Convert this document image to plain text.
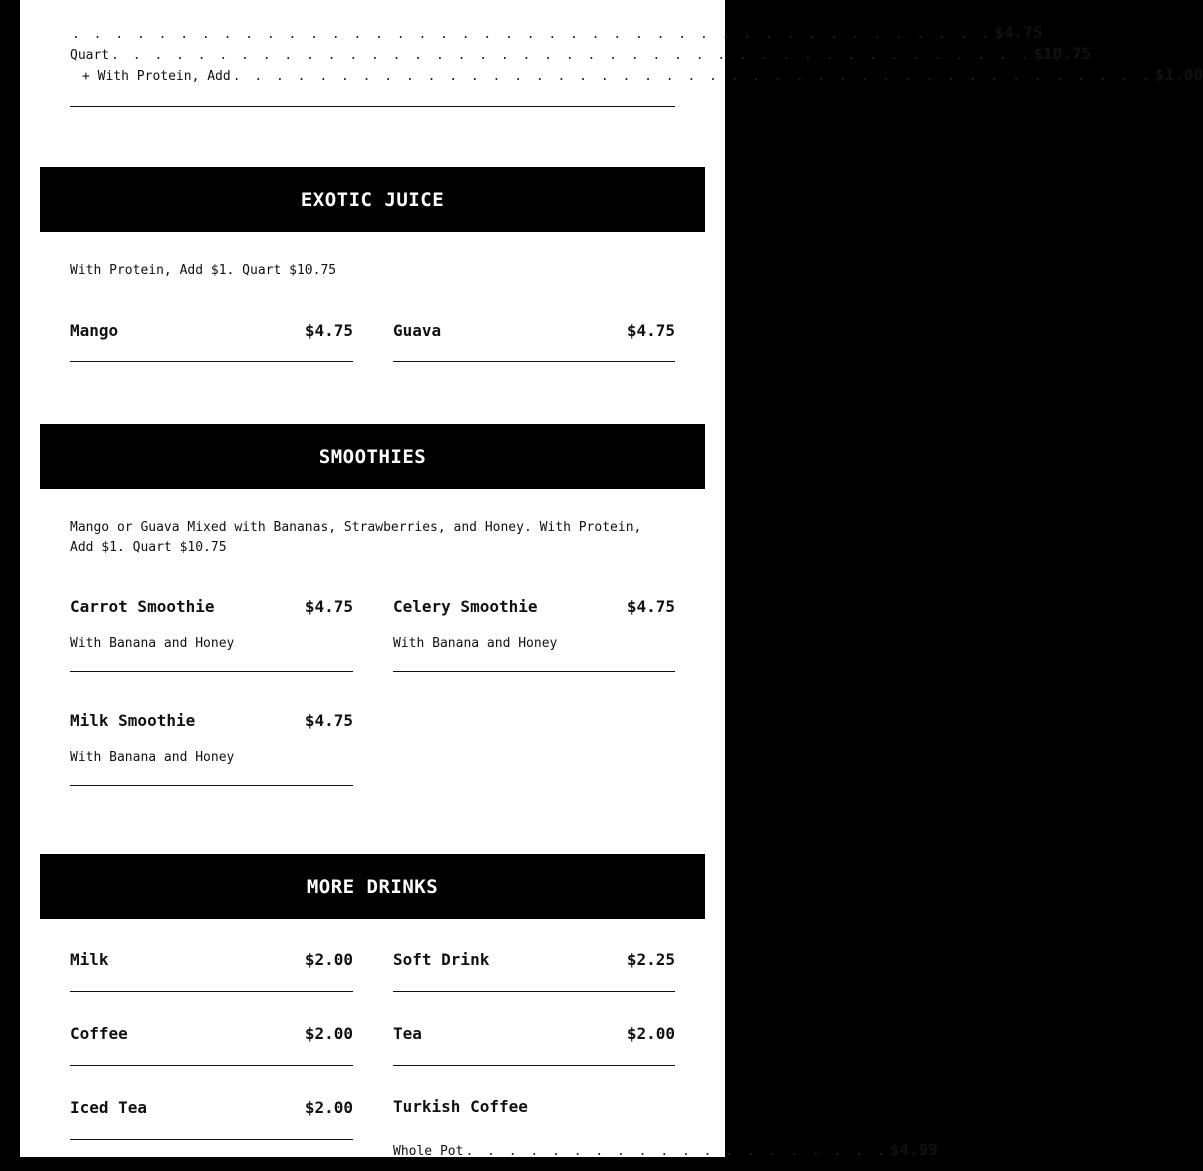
. . . . . . . . . . . . . . . . . . . . . . . . . . . . . . . . . . . . . . . . . . . $4.75
Quart . . . . . . . . . . . . . . . . . . . . . . . . . . . . . . . . . . . . . . . . . . . $10.75
+ With Protein, Add . . . . . . . . . . . . . . . . . . . . . . . . . . . . . . . . . . . . . . . . . . . $1.00
EXOTIC JUICE
With Protein, Add $1. Quart $10.75
Mango	$4.75	Guava	$4.75
SMOOTHIES
Mango or Guava Mixed with Bananas, Strawberries, and Honey. With Protein, Add $1. Quart $10.75
Carrot Smoothie	$4.75
With Banana and Honey
Celery Smoothie	$4.75
With Banana and Honey
Milk Smoothie	$4.75
With Banana and Honey
MORE DRINKS
Milk	$2.00	Soft Drink	$2.25
Coffee	$2.00	Tea	$2.00
Iced Tea	$2.00	Turkish Coffee
Whole Pot . . . . . . . . . . . . . . . . . . . . $4.99
